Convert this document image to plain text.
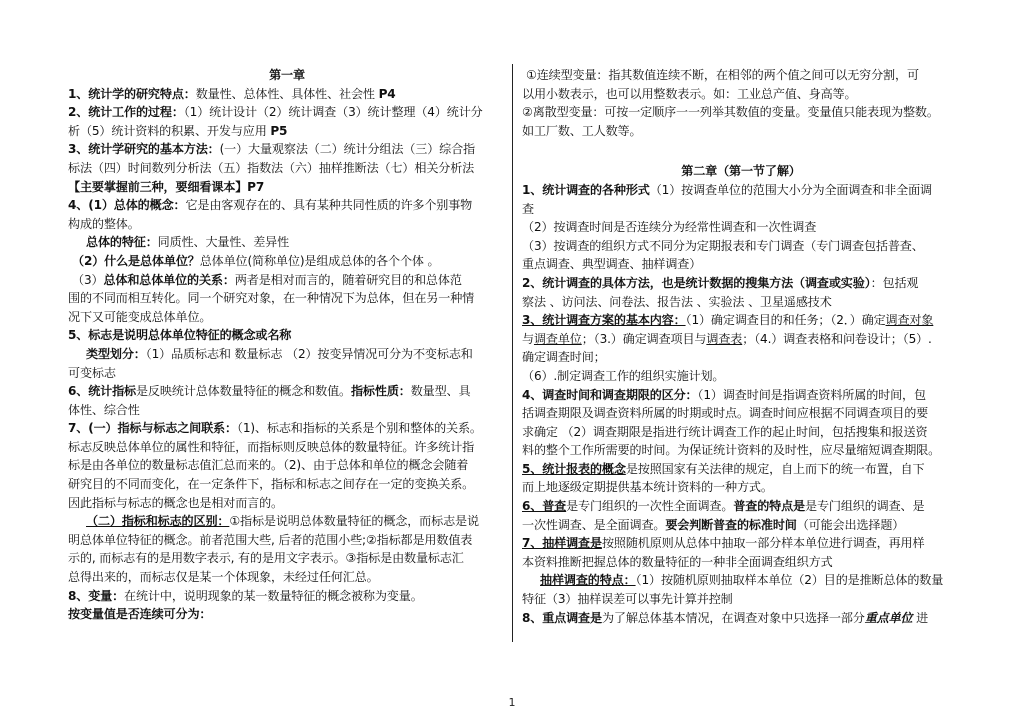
第一章
1、统计学的研究特点：数量性、总体性、具体性、社会性 P4
2、统计工作的过程：（1）统计设计（2）统计调查（3）统计整理（4）统计分
析（5）统计资料的积累、开发与应用 P5
3、统计学研究的基本方法：(一）大量观察法（二）统计分组法（三）综合指
标法（四）时间数列分析法（五）指数法（六）抽样推断法（七）相关分析法
【主要掌握前三种，要细看课本】P7
4、(1）总体的概念：它是由客观存在的、具有某种共同性质的许多个别事物
构成的整体。
总体的特征：同质性、大量性、差异性
（2）什么是总体单位？总体单位(简称单位)是组成总体的各个个体 。
（3）总体和总体单位的关系：两者是相对而言的，随着研究目的和总体范
围的不同而相互转化。同一个研究对象，在一种情况下为总体，但在另一种情
况下又可能变成总体单位。
5、标志是说明总体单位特征的概念或名称
类型划分：（1）品质标志和 数量标志 （2）按变异情况可分为不变标志和
可变标志
6、统计指标是反映统计总体数量特征的概念和数值。指标性质：数量型、具
体性、综合性
7、(一）指标与标志之间联系：（1)、标志和指标的关系是个别和整体的关系。
标志反映总体单位的属性和特征，而指标则反映总体的数量特征。许多统计指
标是由各单位的数量标志值汇总而来的。（2)、由于总体和单位的概念会随着
研究目的不同而变化，在一定条件下，指标和标志之间存在一定的变换关系。
因此指标与标志的概念也是相对而言的。
（二）指标和标志的区别：①指标是说明总体数量特征的概念，而标志是说
明总体单位特征的概念。前者范围大些, 后者的范围小些;②指标都是用数值表
示的, 而标志有的是用数字表示, 有的是用文字表示。③指标是由数量标志汇
总得出来的，而标志仅是某一个体现象，未经过任何汇总。
8、变量：在统计中，说明现象的某一数量特征的概念被称为变量。
按变量值是否连续可分为：
①连续型变量：指其数值连续不断，在相邻的两个值之间可以无穷分割，可
以用小数表示，也可以用整数表示。如：工业总产值、身高等。
②离散型变量：可按一定顺序一一列举其数值的变量。变量值只能表现为整数。
如工厂数、工人数等。
第二章（第一节了解）
1、统计调查的各种形式（1）按调查单位的范围大小分为全面调查和非全面调
查
（2）按调查时间是否连续分为经常性调查和一次性调查
（3）按调查的组织方式不同分为定期报表和专门调查（专门调查包括普查、
重点调查、典型调查、抽样调查）
2、统计调查的具体方法，也是统计数据的搜集方法（调查或实验）：包括观
察法 、访问法、问卷法、报告法 、实验法 、卫星遥感技术
3、统计调查方案的基本内容：（1）确定调查目的和任务；（2．）确定调查对象
与调查单位；（3.）确定调查项目与调查表；（4.）调查表格和问卷设计；（5）.
确定调查时间；
（6）.制定调查工作的组织实施计划。
4、调查时间和调查期限的区分：（1）调查时间是指调查资料所属的时间，包
括调查期限及调查资料所属的时期或时点。调查时间应根据不同调查项目的要
求确定 （2）调查期限是指进行统计调查工作的起止时间，包括搜集和报送资
料的整个工作所需要的时间。为保证统计资料的及时性，应尽量缩短调查期限。
5、统计报表的概念是按照国家有关法律的规定，自上而下的统一布置，自下
而上地逐级定期提供基本统计资料的一种方式。
6、普查是专门组织的一次性全面调查。普查的特点是是专门组织的调查、是
一次性调查、是全面调查。要会判断普查的标准时间（可能会出选择题）
7、抽样调查是按照随机原则从总体中抽取一部分样本单位进行调查，再用样
本资料推断把握总体的数量特征的一种非全面调查组织方式
抽样调查的特点：（1）按随机原则抽取样本单位（2）目的是推断总体的数量
特征（3）抽样误差可以事先计算并控制
8、重点调查是为了解总体基本情况，在调查对象中只选择一部分重点单位 进
1
